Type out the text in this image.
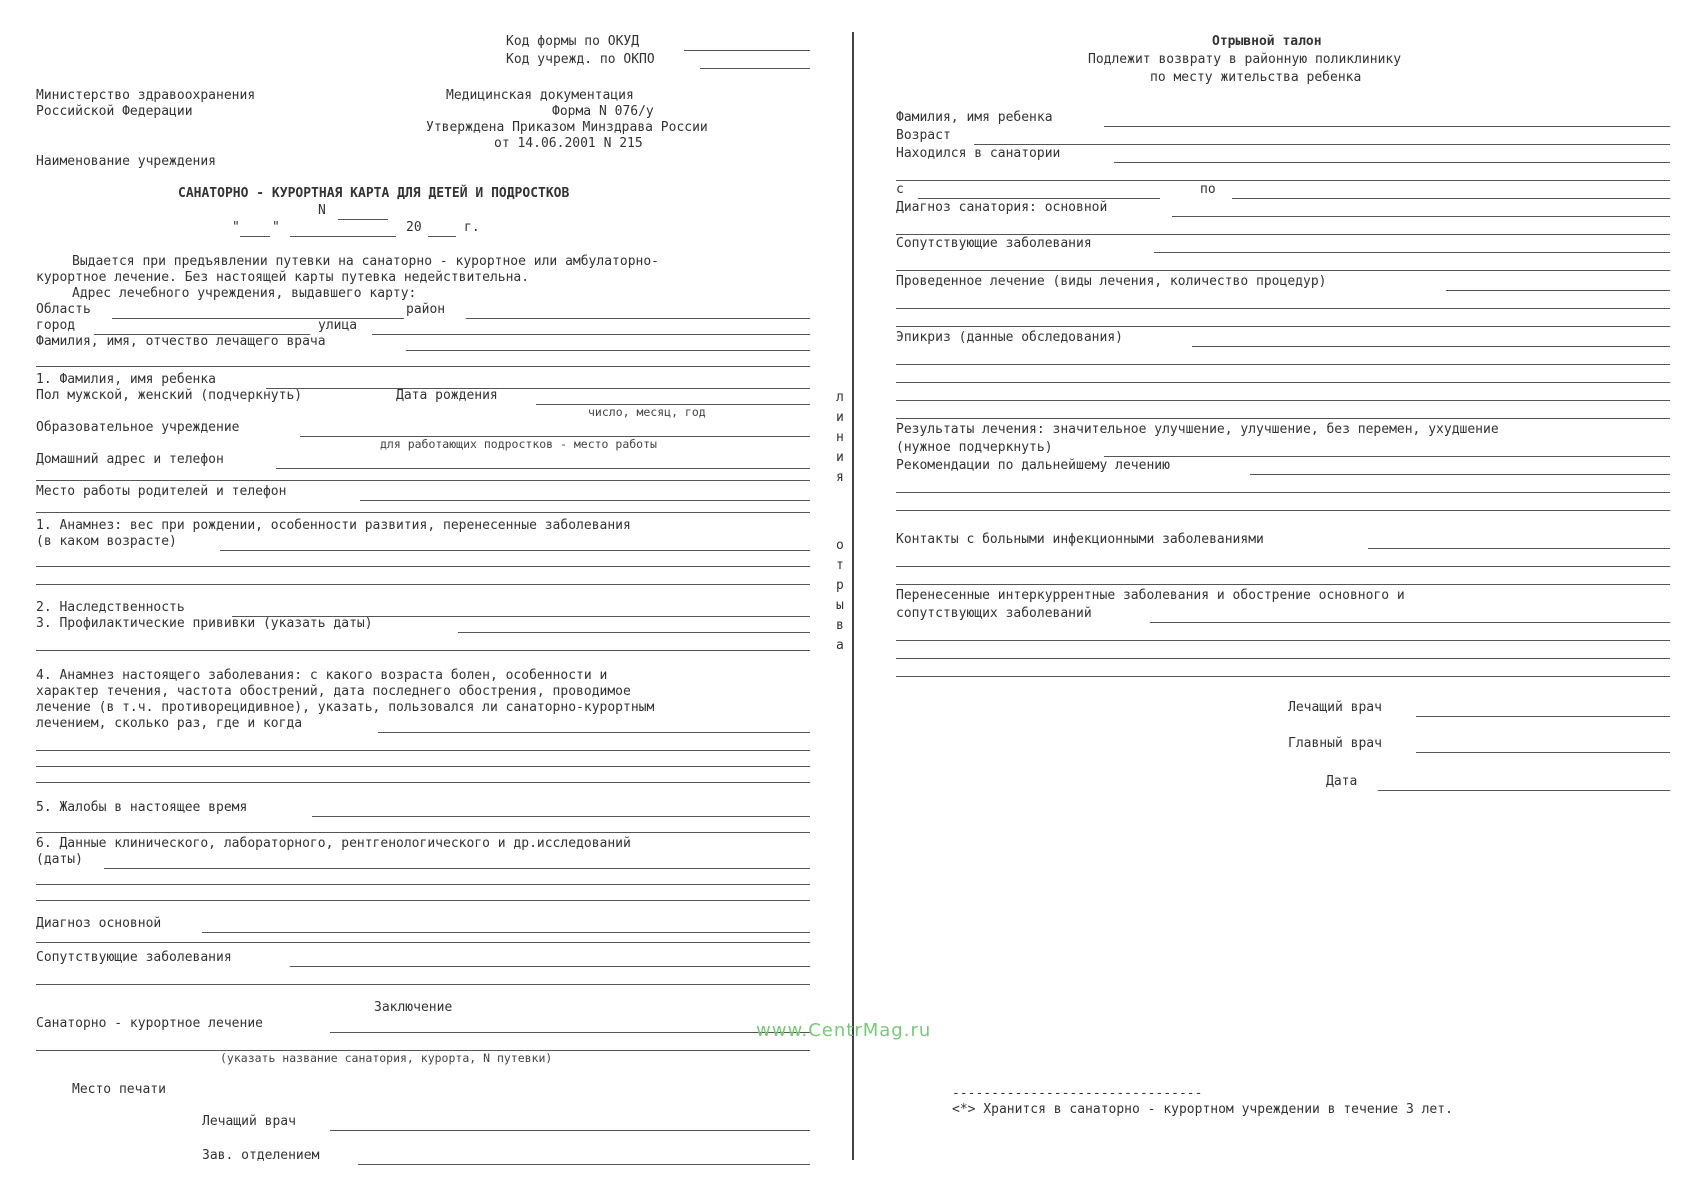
Код формы по ОКУД
Код учрежд. по ОКПО
Министерство здравоохранения
Российской Федерации
Медицинская документация
Форма N 076/у
Утверждена Приказом Минздрава России
от 14.06.2001 N 215
Наименование учреждения
САНАТОРНО - КУРОРТНАЯ КАРТА ДЛЯ ДЕТЕЙ И ПОДРОСТКОВ
N
" "	20	г.
Выдается при предъявлении путевки на санаторно - курортное или амбулаторно-
курортное лечение. Без настоящей карты путевка недействительна.
Адрес лечебного учреждения, выдавшего карту:
Область	район
город	улица
Фамилия, имя, отчество лечащего врача
1. Фамилия, имя ребенка
Пол мужской, женский (подчеркнуть)	Дата рождения
число, месяц, год
Образовательное учреждение
для работающих подростков - место работы
Домашний адрес и телефон
Место работы родителей и телефон
1. Анамнез: вес при рождении, особенности развития, перенесенные заболевания
(в каком возрасте)
2. Наследственность
3. Профилактические прививки (указать даты)
4. Анамнез настоящего заболевания: с какого возраста болен, особенности и
характер течения, частота обострений, дата последнего обострения, проводимое
лечение (в т.ч. противорецидивное), указать, пользовался ли санаторно-курортным
лечением, сколько раз, где и когда
5. Жалобы в настоящее время
6. Данные клинического, лабораторного, рентгенологического и др.исследований
(даты)
Диагноз основной
Сопутствующие заболевания
Заключение
Санаторно - курортное лечение
(указать название санатория, курорта, N путевки)
Место печати
Лечащий врач
Зав. отделением
л
и
н
и
я
о
т
р
ы
в
а
Отрывной талон
Подлежит возврату в районную поликлинику
по месту жительства ребенка
Фамилия, имя ребенка
Возраст
Находился в санатории
с	по
Диагноз санатория: основной
Сопутствующие заболевания
Проведенное лечение (виды лечения, количество процедур)
Эпикриз (данные обследования)
Результаты лечения: значительное улучшение, улучшение, без перемен, ухудшение
(нужное подчеркнуть)
Рекомендации по дальнейшему лечению
Контакты с больными инфекционными заболеваниями
Перенесенные интеркуррентные заболевания и обострение основного и
сопутствующих заболеваний
Лечащий врач
Главный врач
Дата
--------------------------------
<*> Хранится в санаторно - курортном учреждении в течение 3 лет.
www.CentrMag.ru
